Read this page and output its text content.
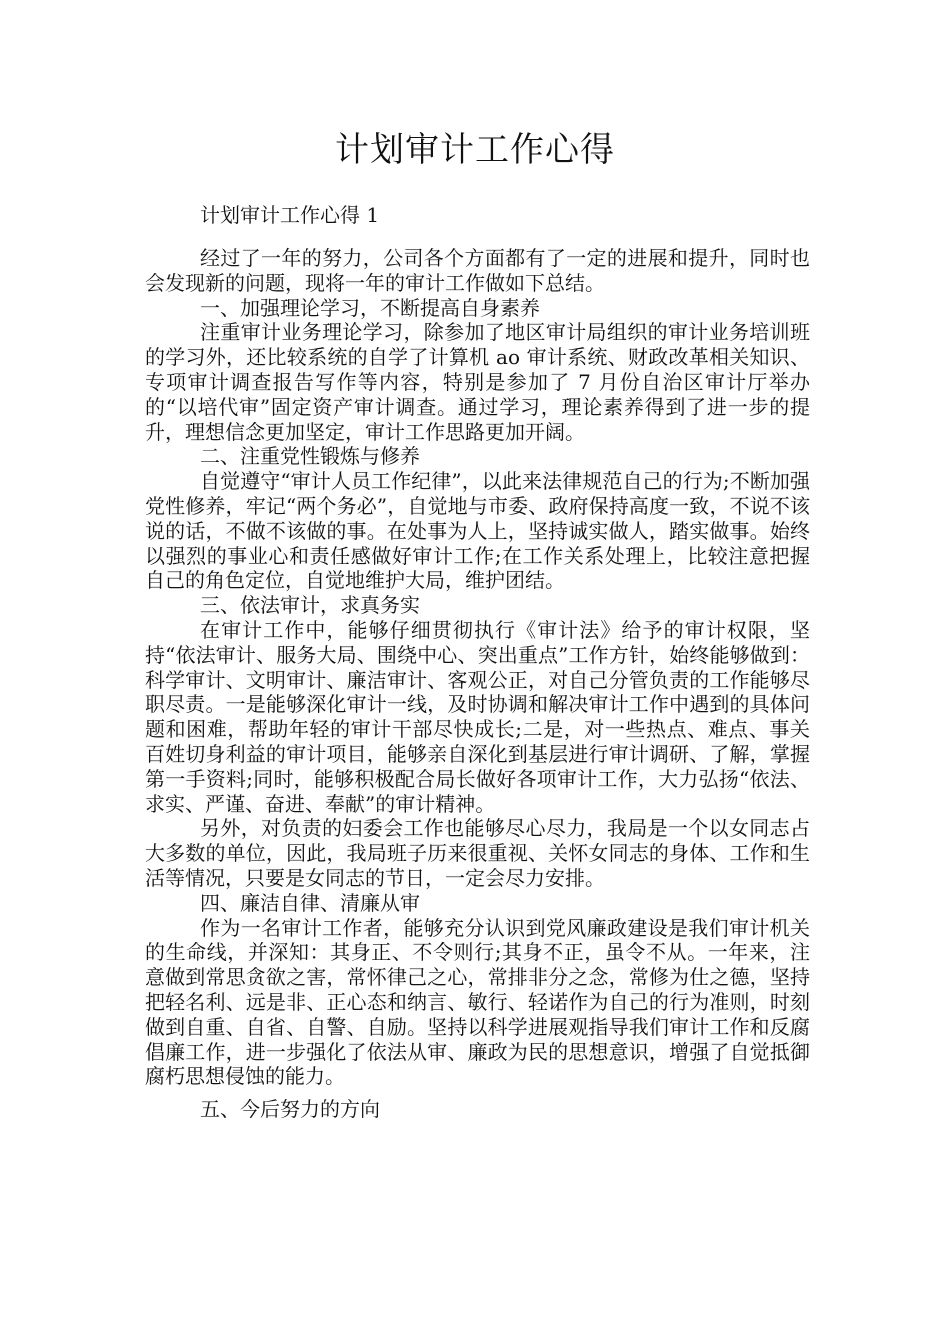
计划审计工作心得

计划审计工作心得 1

经过了一年的努力，公司各个方面都有了一定的进展和提升，同时也会发现新的问题，现将一年的审计工作做如下总结。

一、加强理论学习，不断提高自身素养

注重审计业务理论学习，除参加了地区审计局组织的审计业务培训班的学习外，还比较系统的自学了计算机 ao 审计系统、财政改革相关知识、专项审计调查报告写作等内容，特别是参加了 7 月份自治区审计厅举办的“以培代审”固定资产审计调查。通过学习，理论素养得到了进一步的提升，理想信念更加坚定，审计工作思路更加开阔。

二、注重党性锻炼与修养

自觉遵守“审计人员工作纪律”，以此来法律规范自己的行为;不断加强党性修养，牢记“两个务必”，自觉地与市委、政府保持高度一致，不说不该说的话，不做不该做的事。在处事为人上，坚持诚实做人，踏实做事。始终以强烈的事业心和责任感做好审计工作;在工作关系处理上，比较注意把握自己的角色定位，自觉地维护大局，维护团结。

三、依法审计，求真务实

在审计工作中，能够仔细贯彻执行《审计法》给予的审计权限，坚持“依法审计、服务大局、围绕中心、突出重点”工作方针，始终能够做到：科学审计、文明审计、廉洁审计、客观公正，对自己分管负责的工作能够尽职尽责。一是能够深化审计一线，及时协调和解决审计工作中遇到的具体问题和困难，帮助年轻的审计干部尽快成长;二是，对一些热点、难点、事关百姓切身利益的审计项目，能够亲自深化到基层进行审计调研、了解，掌握第一手资料;同时，能够积极配合局长做好各项审计工作，大力弘扬“依法、求实、严谨、奋进、奉献”的审计精神。

另外，对负责的妇委会工作也能够尽心尽力，我局是一个以女同志占大多数的单位，因此，我局班子历来很重视、关怀女同志的身体、工作和生活等情况，只要是女同志的节日，一定会尽力安排。

四、廉洁自律、清廉从审

作为一名审计工作者，能够充分认识到党风廉政建设是我们审计机关的生命线，并深知：其身正、不令则行;其身不正，虽令不从。一年来，注意做到常思贪欲之害，常怀律己之心，常排非分之念，常修为仕之德，坚持把轻名利、远是非、正心态和纳言、敏行、轻诺作为自己的行为准则，时刻做到自重、自省、自警、自励。坚持以科学进展观指导我们审计工作和反腐倡廉工作，进一步强化了依法从审、廉政为民的思想意识，增强了自觉抵御腐朽思想侵蚀的能力。

五、今后努力的方向
